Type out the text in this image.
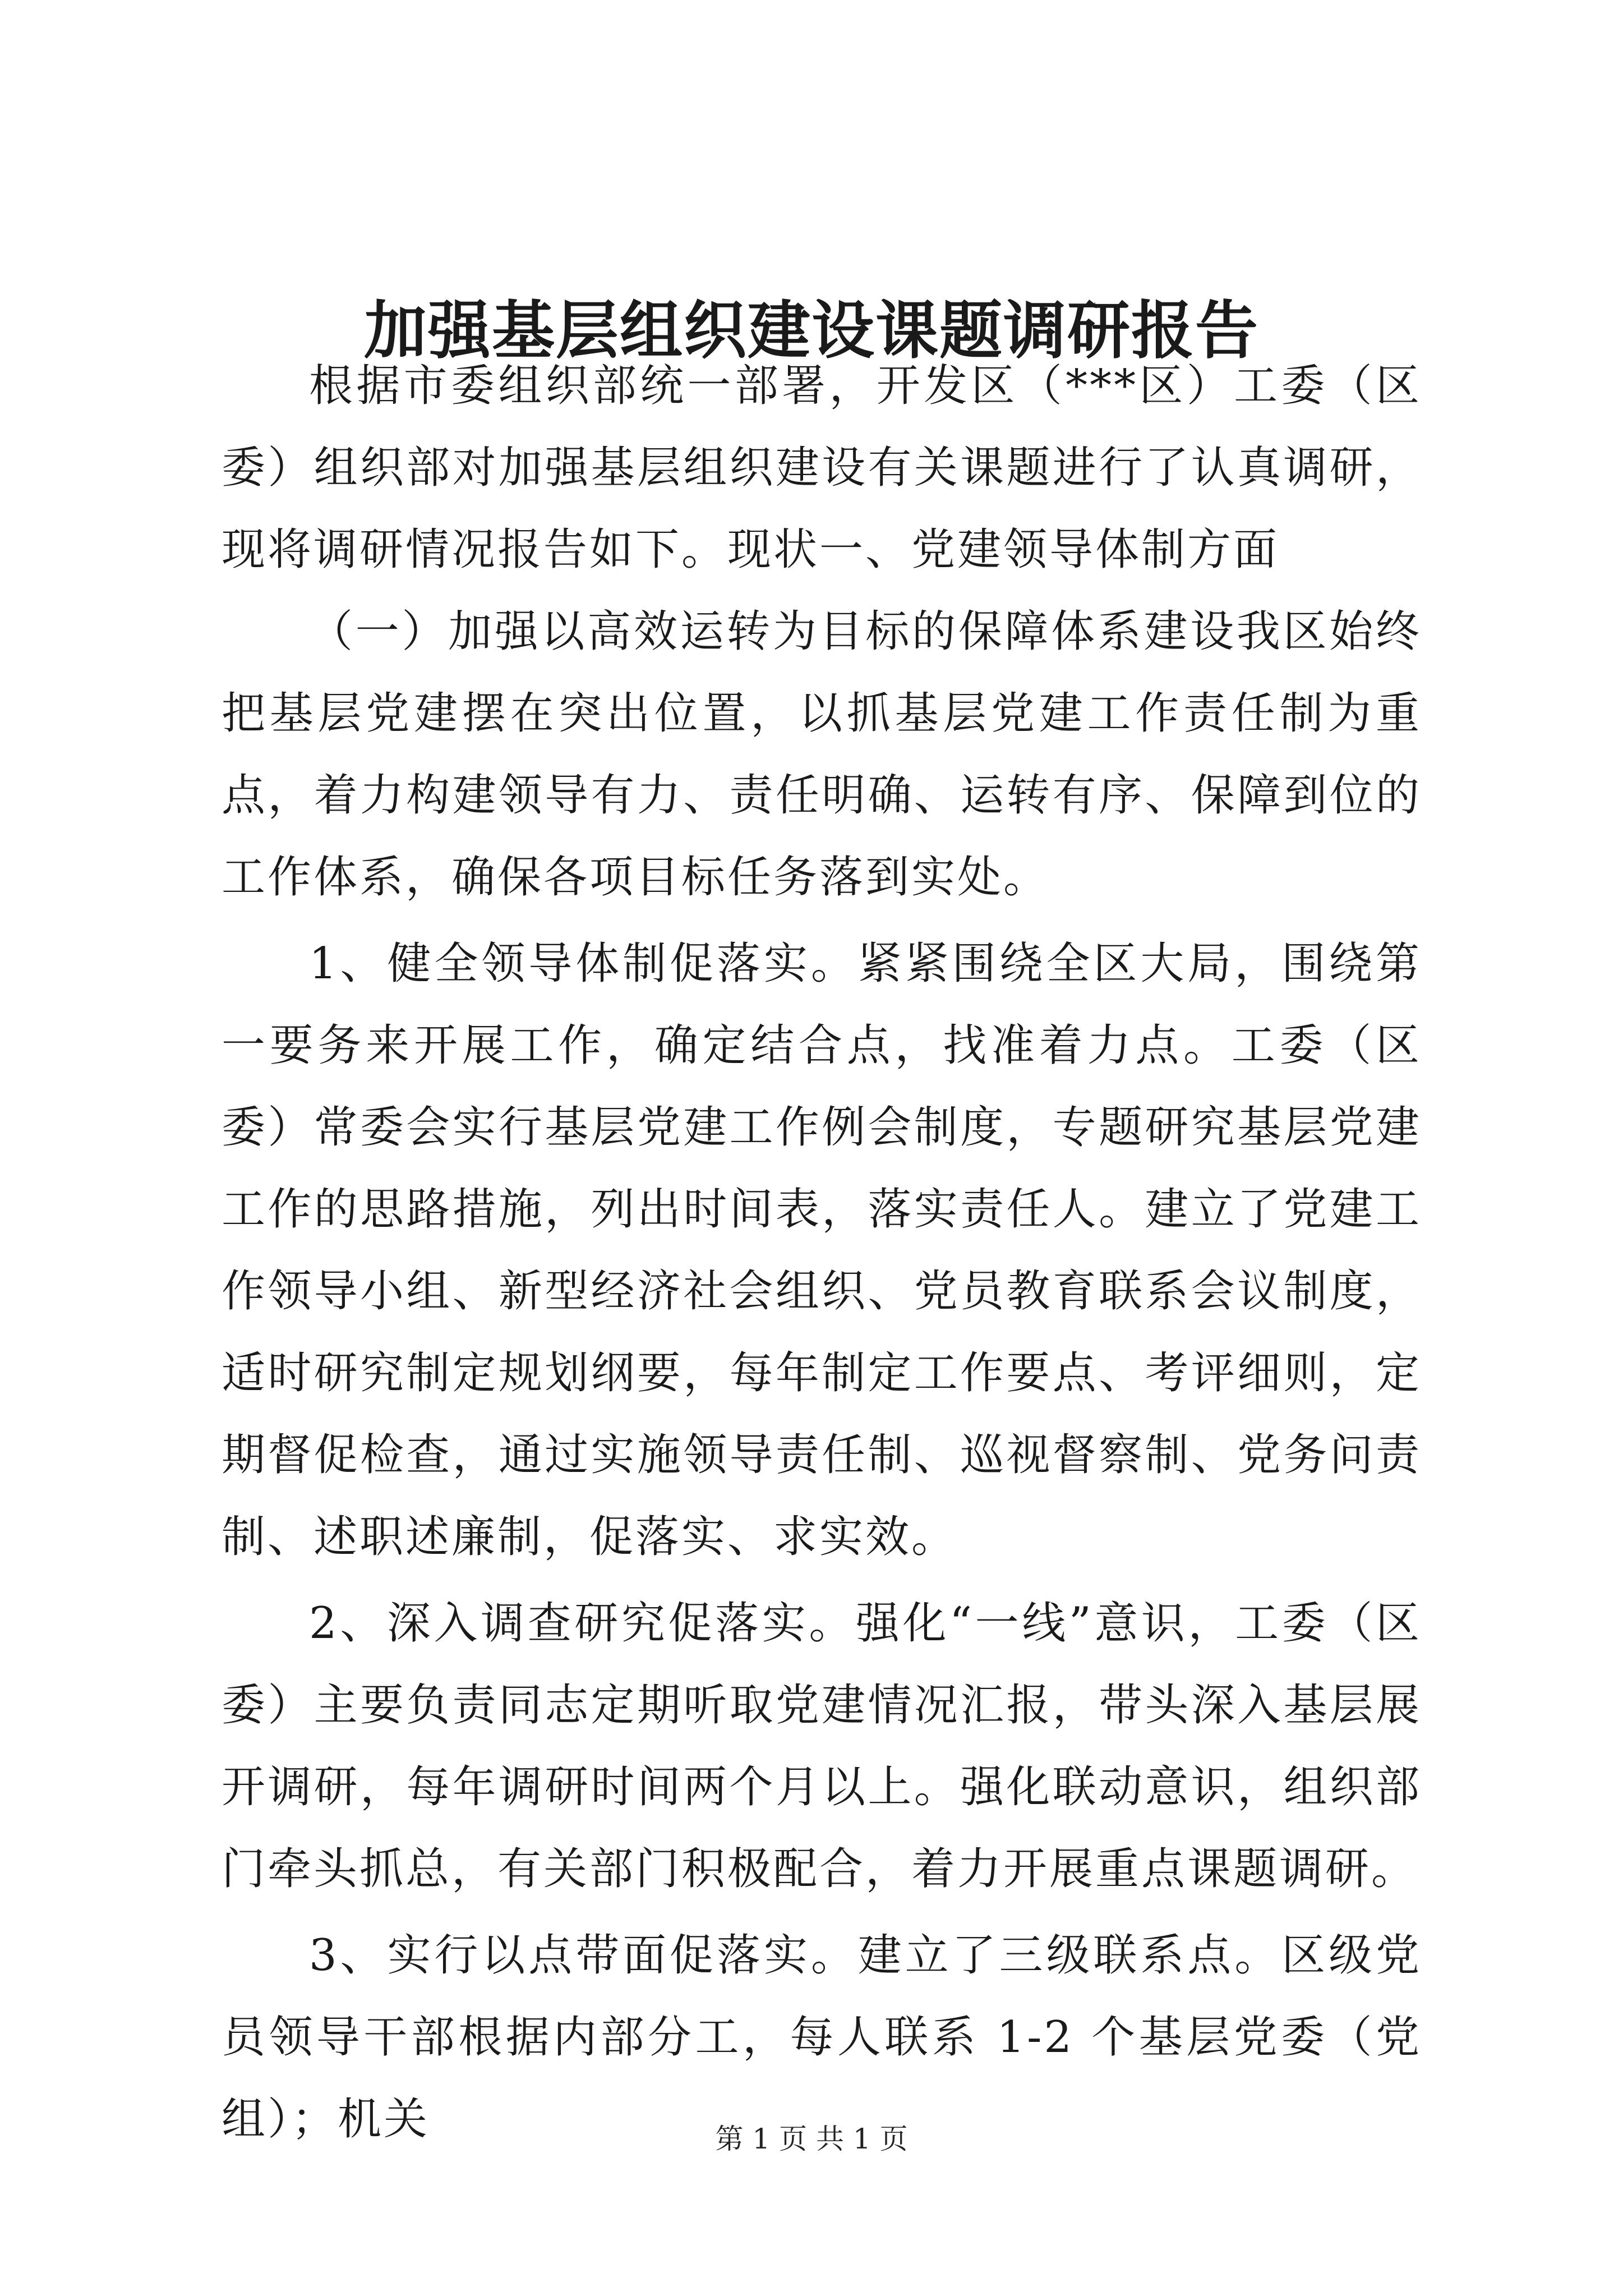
加强基层组织建设课题调研报告

根据市委组织部统一部署，开发区（***区）工委（区委）组织部对加强基层组织建设有关课题进行了认真调研，现将调研情况报告如下。现状一、党建领导体制方面

（一）加强以高效运转为目标的保障体系建设我区始终把基层党建摆在突出位置，以抓基层党建工作责任制为重点，着力构建领导有力、责任明确、运转有序、保障到位的工作体系，确保各项目标任务落到实处。

1、健全领导体制促落实。紧紧围绕全区大局，围绕第一要务来开展工作，确定结合点，找准着力点。工委（区委）常委会实行基层党建工作例会制度，专题研究基层党建工作的思路措施，列出时间表，落实责任人。建立了党建工作领导小组、新型经济社会组织、党员教育联系会议制度，适时研究制定规划纲要，每年制定工作要点、考评细则，定期督促检查，通过实施领导责任制、巡视督察制、党务问责制、述职述廉制，促落实、求实效。

2、深入调查研究促落实。强化“一线”意识，工委（区委）主要负责同志定期听取党建情况汇报，带头深入基层展开调研，每年调研时间两个月以上。强化联动意识，组织部门牵头抓总，有关部门积极配合，着力开展重点课题调研。

3、实行以点带面促落实。建立了三级联系点。区级党员领导干部根据内部分工，每人联系 1-2 个基层党委（党组）；机关	第 1 页 共 1 页
